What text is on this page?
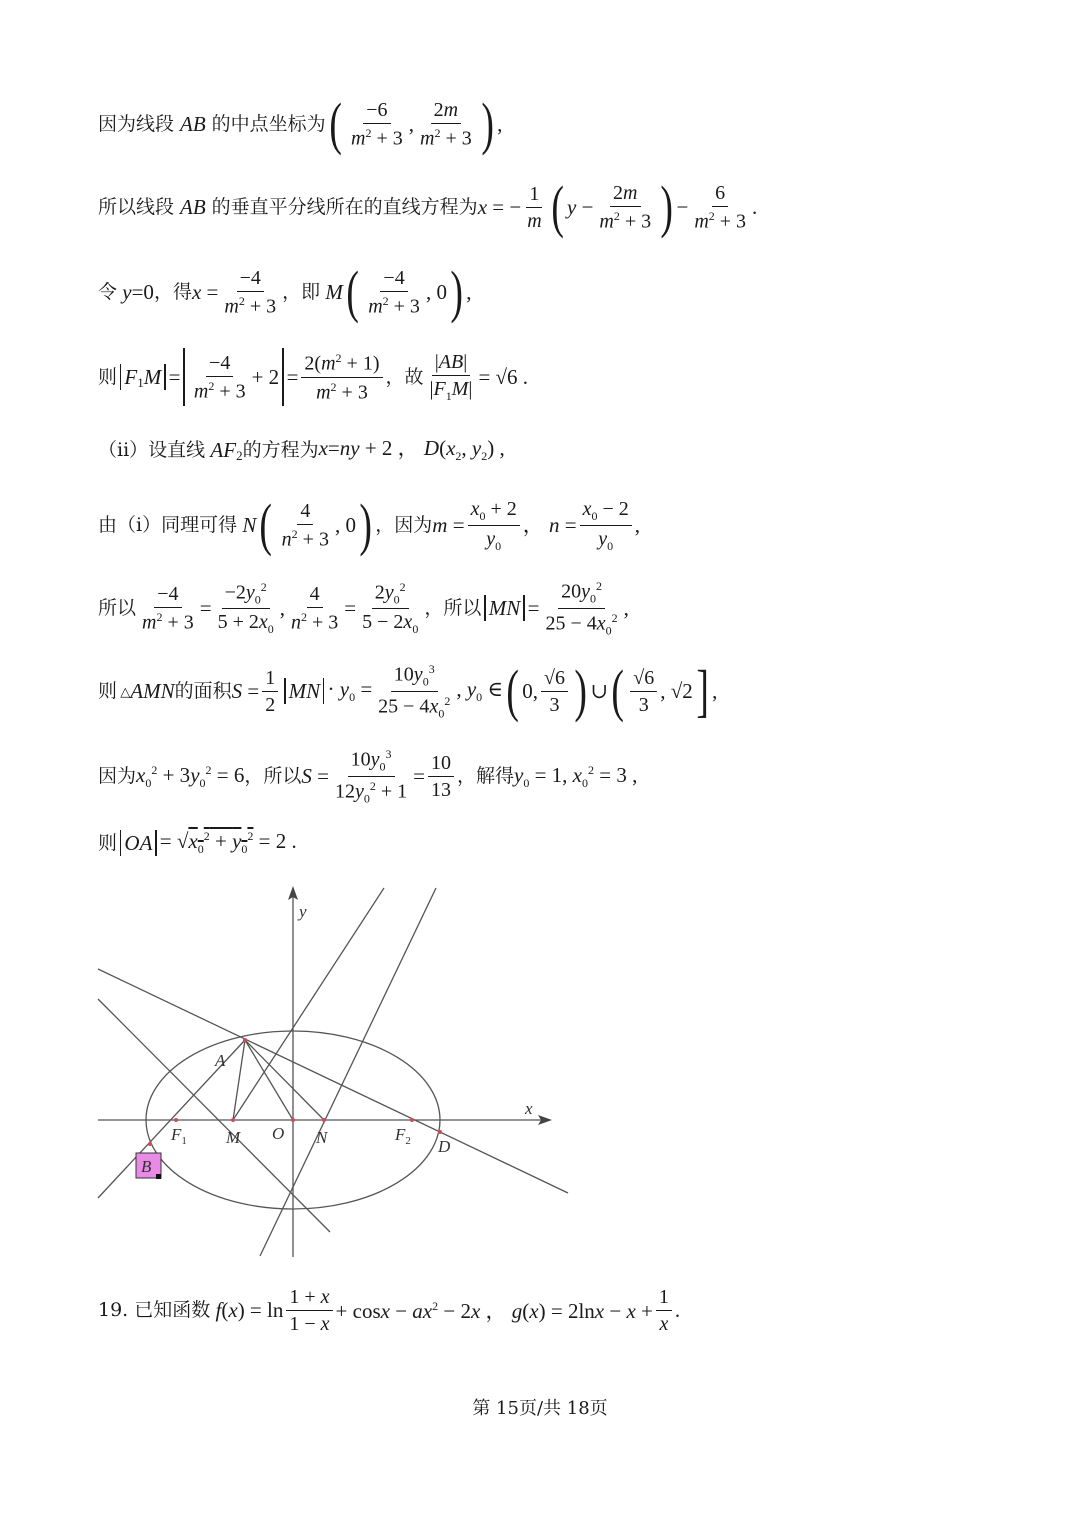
因为线段 AB 的中点坐标为 ( $\frac{-6}{m^2 + 3}$ , $\frac{2m}{m^2 + 3}$ ) ,
所以线段 AB 的垂直平分线所在的直线方程为 x = − $\frac{1}{m}$ ( $y - \frac{2m}{m^2 + 3}$ ) − $\frac{6}{m^2 + 3}$ .
令 y=0 ，得 $x = \frac{-4}{m^2 + 3}$ ，即 M ( $\frac{-4}{m^2 + 3}$ , 0 ) ,
则 F 1 $M = \frac{-4}{m^2 + 3} + 2 = \frac{2(m^2 + 1)}{m^2 + 3}$ ，故 $\frac{|AB|}{|F_1M|} = √6$ .
（ii）设直线 AF 2 的方程为 x=ny + 2 ， $D(x_2$, $y_2$) ,
由（i）同理可得 N ( $\frac{4}{n^2 + 3}$ , 0 ) ，因为 $m = \frac{x_0 + 2}{y_0}$ ， $n = \frac{x_0 - 2}{y_0}$ ,
所以 $\frac{-4}{m^2 + 3} = \frac{-2y_0^2}{5 + 2x_0}$ , $\frac{4}{n^2 + 3} = \frac{2y_0^2}{5 - 2x_0}$ ，所以 MN = $\frac{20y_0^2}{25 - 4x_0^2}$ ,
则 △ AMN 的面积 $S = \frac{1}{2}$ MN · $y_0 = \frac{10y_0^3}{25 - 4x_0^2}$ , $y_0$ ∈ ( 0, $\frac{√6}{3}$ ) ∪ ( $\frac{√6}{3}$ , √2 ] ,
因为 $x_0^2 + 3y_0^2 = 6$ ，所以 $S = \frac{10y_0^3}{12y_0^2 + 1} = \frac{10}{13}$ ，解得 $y_0 = 1$, $x_0^2 = 3$ ,
则 OA = $√x_0^2 + y_0^2 = 2$ .
y
x
A
B
$F_1$ M O N	$F_2$ D
19. 已知函数 $f(x) = \ln \frac{1 + x}{1 - x} + \cos x - ax^2 - 2x$ ， $g(x) = 2\ln x - x + \frac{1}{x}$ .
第 15页/共 18页
